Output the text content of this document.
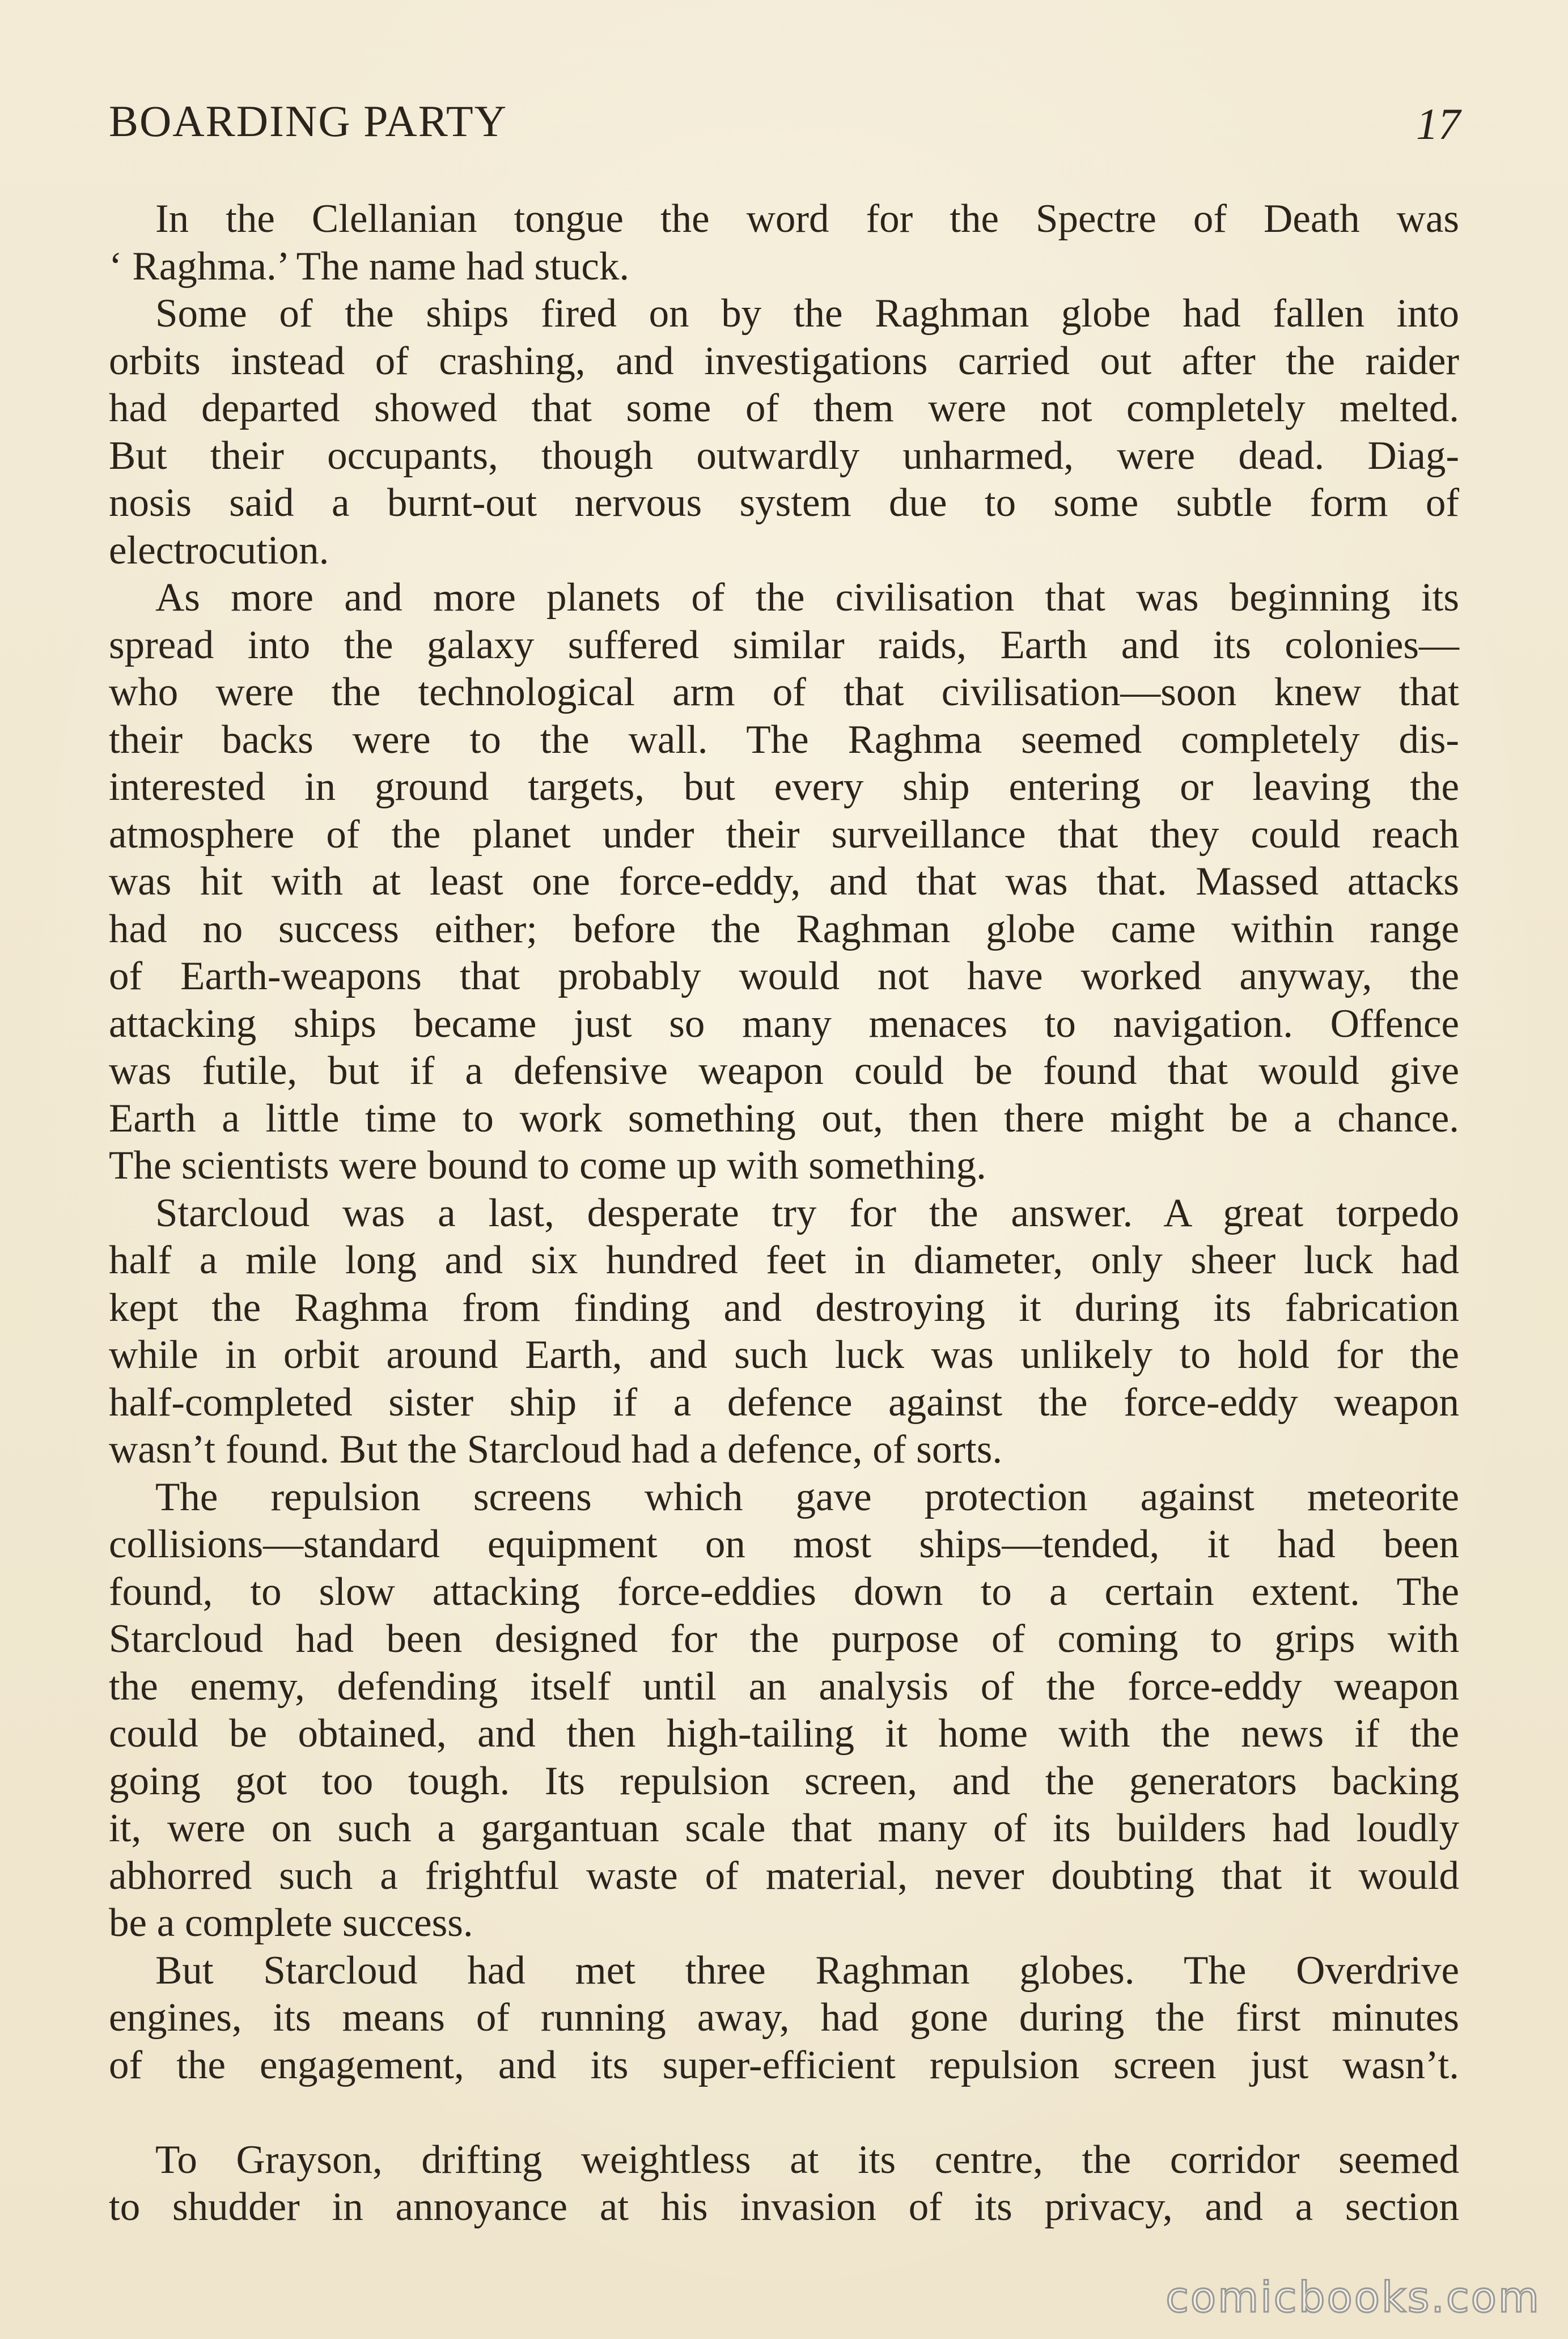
BOARDING PARTY	17
In the Clellanian tongue the word for the Spectre of Death was
‘ Raghma.’ The name had stuck.
Some of the ships fired on by the Raghman globe had fallen into
orbits instead of crashing, and investigations carried out after the raider
had departed showed that some of them were not completely melted.
But their occupants, though outwardly unharmed, were dead. Diag-
nosis said a burnt-out nervous system due to some subtle form of
electrocution.
As more and more planets of the civilisation that was beginning its
spread into the galaxy suffered similar raids, Earth and its colonies—
who were the technological arm of that civilisation—soon knew that
their backs were to the wall. The Raghma seemed completely dis-
interested in ground targets, but every ship entering or leaving the
atmosphere of the planet under their surveillance that they could reach
was hit with at least one force-eddy, and that was that. Massed attacks
had no success either; before the Raghman globe came within range
of Earth-weapons that probably would not have worked anyway, the
attacking ships became just so many menaces to navigation. Offence
was futile, but if a defensive weapon could be found that would give
Earth a little time to work something out, then there might be a chance.
The scientists were bound to come up with something.
Starcloud was a last, desperate try for the answer. A great torpedo
half a mile long and six hundred feet in diameter, only sheer luck had
kept the Raghma from finding and destroying it during its fabrication
while in orbit around Earth, and such luck was unlikely to hold for the
half-completed sister ship if a defence against the force-eddy weapon
wasn’t found. But the Starcloud had a defence, of sorts.
The repulsion screens which gave protection against meteorite
collisions—standard equipment on most ships—tended, it had been
found, to slow attacking force-eddies down to a certain extent. The
Starcloud had been designed for the purpose of coming to grips with
the enemy, defending itself until an analysis of the force-eddy weapon
could be obtained, and then high-tailing it home with the news if the
going got too tough. Its repulsion screen, and the generators backing
it, were on such a gargantuan scale that many of its builders had loudly
abhorred such a frightful waste of material, never doubting that it would
be a complete success.
But Starcloud had met three Raghman globes. The Overdrive
engines, its means of running away, had gone during the first minutes
of the engagement, and its super-efficient repulsion screen just wasn’t.
To Grayson, drifting weightless at its centre, the corridor seemed
to shudder in annoyance at his invasion of its privacy, and a section
comicbooks.com
